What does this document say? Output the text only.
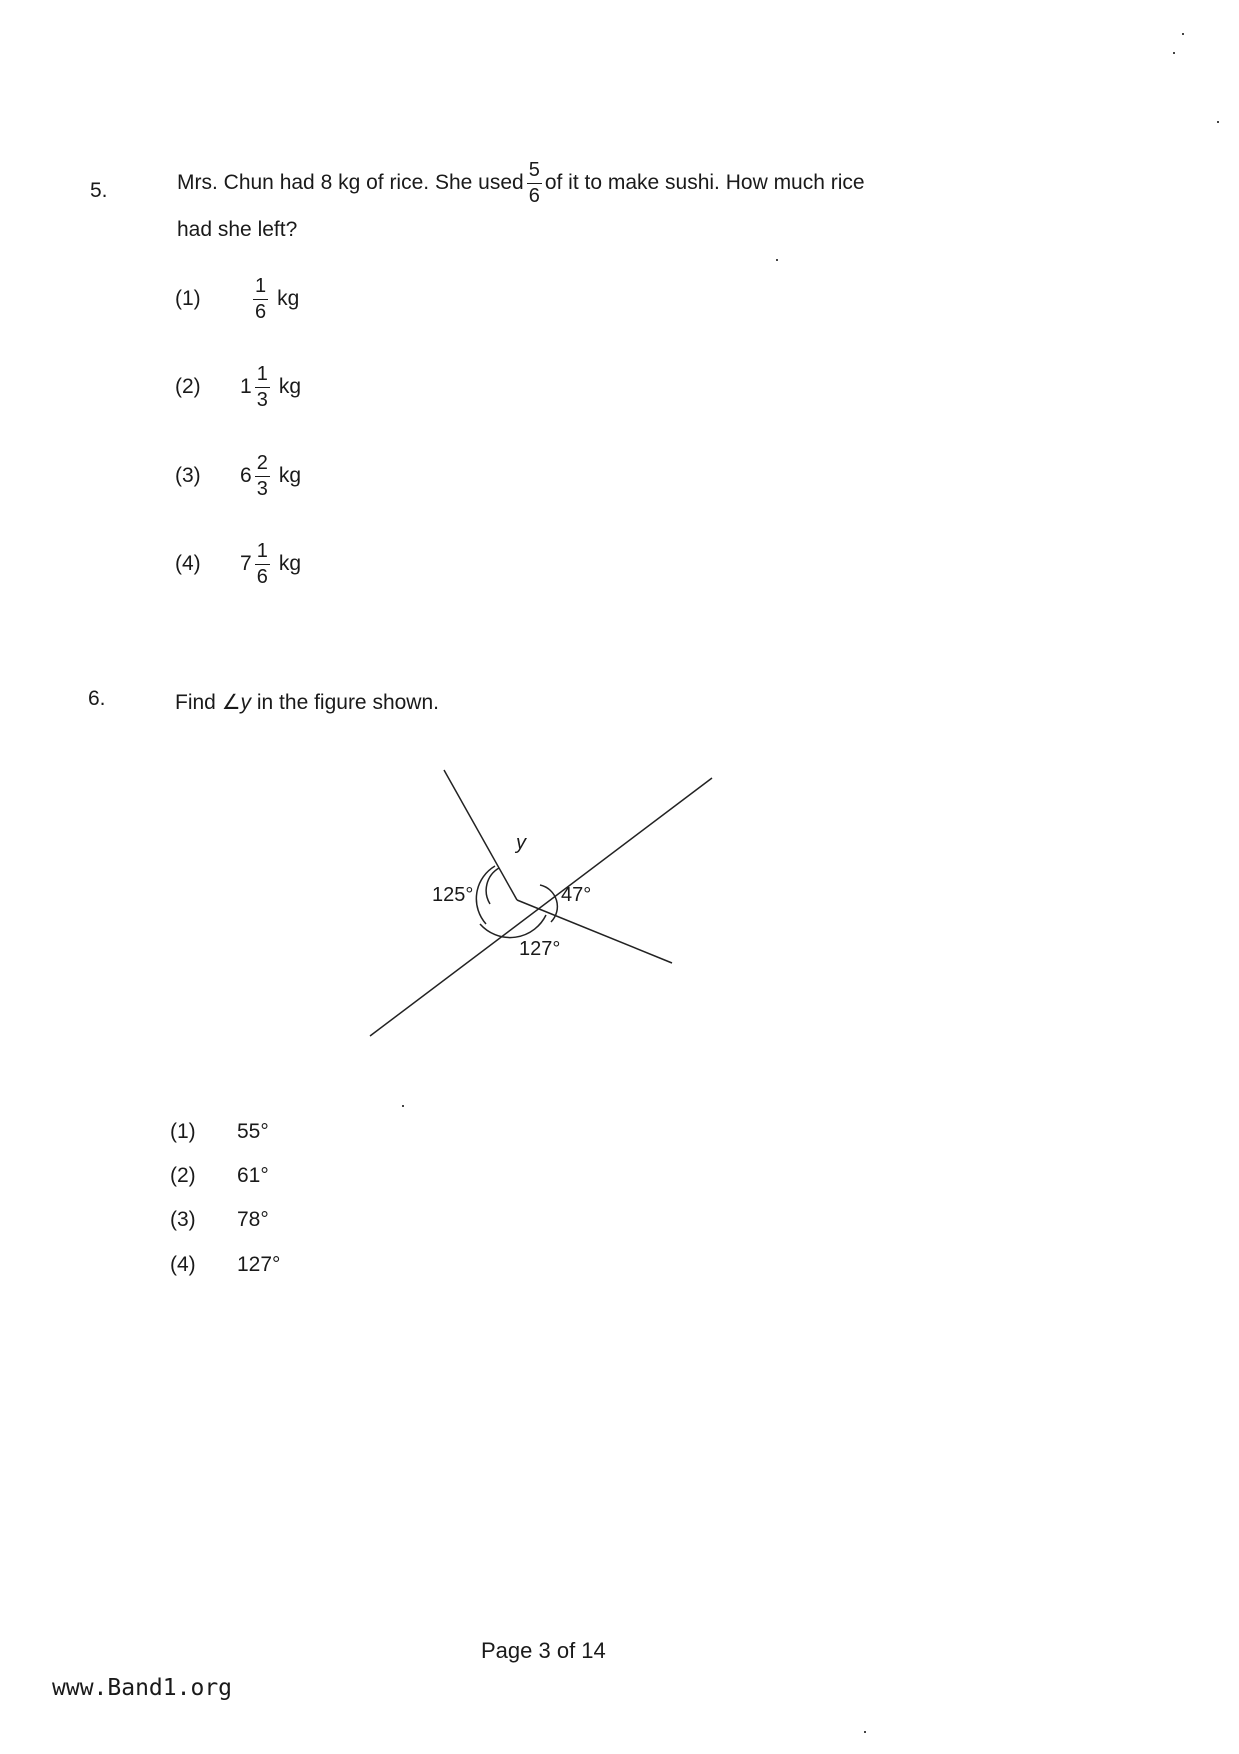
5.	Mrs. Chun had 8 kg of rice. She used $\frac{5}{6}$ of it to make sushi. How much rice
had she left?
(1)	$\frac{1}{6}$ kg
(2)	$1 \frac{1}{3}$ kg
(3)	$6 \frac{2}{3}$ kg
(4)	$7 \frac{1}{6}$ kg
6.	Find ∠y in the figure shown.
y
125°	47°
127°
(1)	55°
(2)	61°
(3)	78°
(4)	127°
Page 3 of 14
www.Band1.org
